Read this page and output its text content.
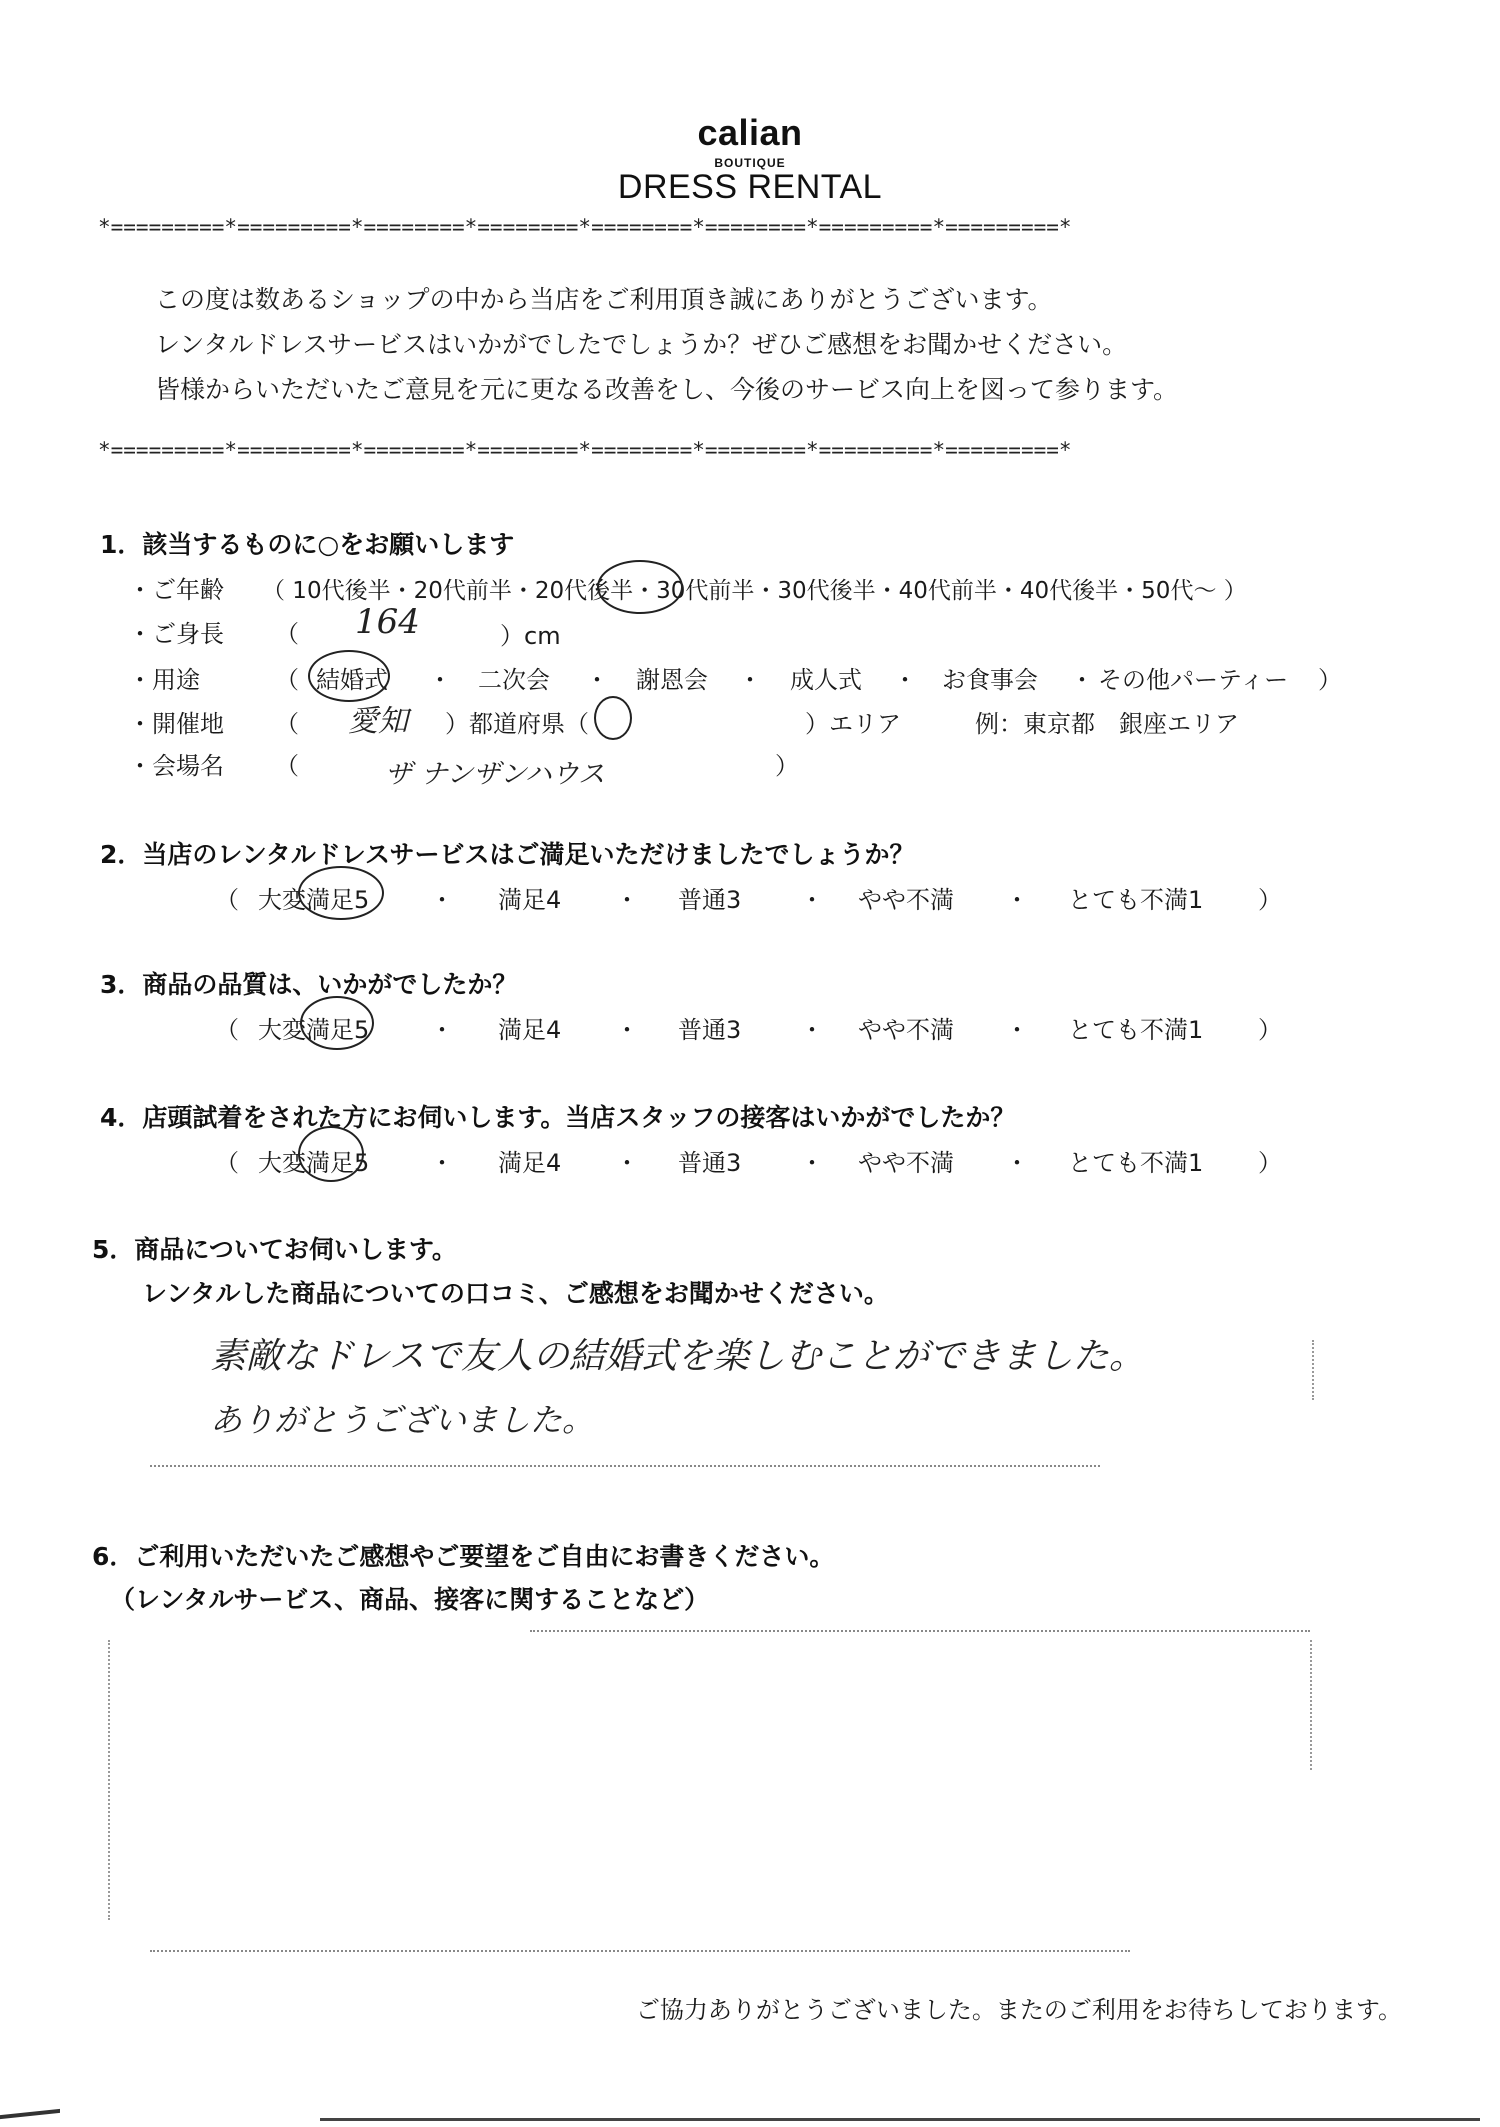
calian
BOUTIQUE
DRESS RENTAL
*=========*=========*========*========*========*========*=========*=========*
この度は数あるショップの中から当店をご利用頂き誠にありがとうございます。
レンタルドレスサービスはいかがでしたでしょうか？ぜひご感想をお聞かせください。
皆様からいただいたご意見を元に更なる改善をし、今後のサービス向上を図って参ります。
*=========*=========*========*========*========*========*=========*=========*
1．該当するものに○をお願いします
・ご年齢 （ 10代後半・20代前半・20代後半・30代前半・30代後半・40代前半・40代後半・50代～ ）
・ご身長 （ 164	）cm
・用途	（ 結婚式 ・ 二次会 ・ 謝恩会 ・ 成人式 ・ お食事会 ・ その他パーティー ）
・開催地 （ 愛知 ）都道府県（	）エリア	例：東京都　銀座エリア
・会場名 （	ザ ナンザンハウス	）
2．当店のレンタルドレスサービスはご満足いただけましたでしょうか？
（ 大変満足5	・ 満足4 ・ 普通3 ・ やや不満 ・ とても不満1 ）
3．商品の品質は、いかがでしたか？
（ 大変満足5	・ 満足4 ・ 普通3 ・ やや不満 ・ とても不満1 ）
4．店頭試着をされた方にお伺いします。当店スタッフの接客はいかがでしたか？
（ 大変満足5	・ 満足4 ・ 普通3 ・ やや不満 ・ とても不満1 ）
5．商品についてお伺いします。
レンタルした商品についての口コミ、ご感想をお聞かせください。
素敵なドレスで友人の結婚式を楽しむことができました。
ありがとうございました。
6．ご利用いただいたご感想やご要望をご自由にお書きください。
（レンタルサービス、商品、接客に関することなど）
ご協力ありがとうございました。またのご利用をお待ちしております。
